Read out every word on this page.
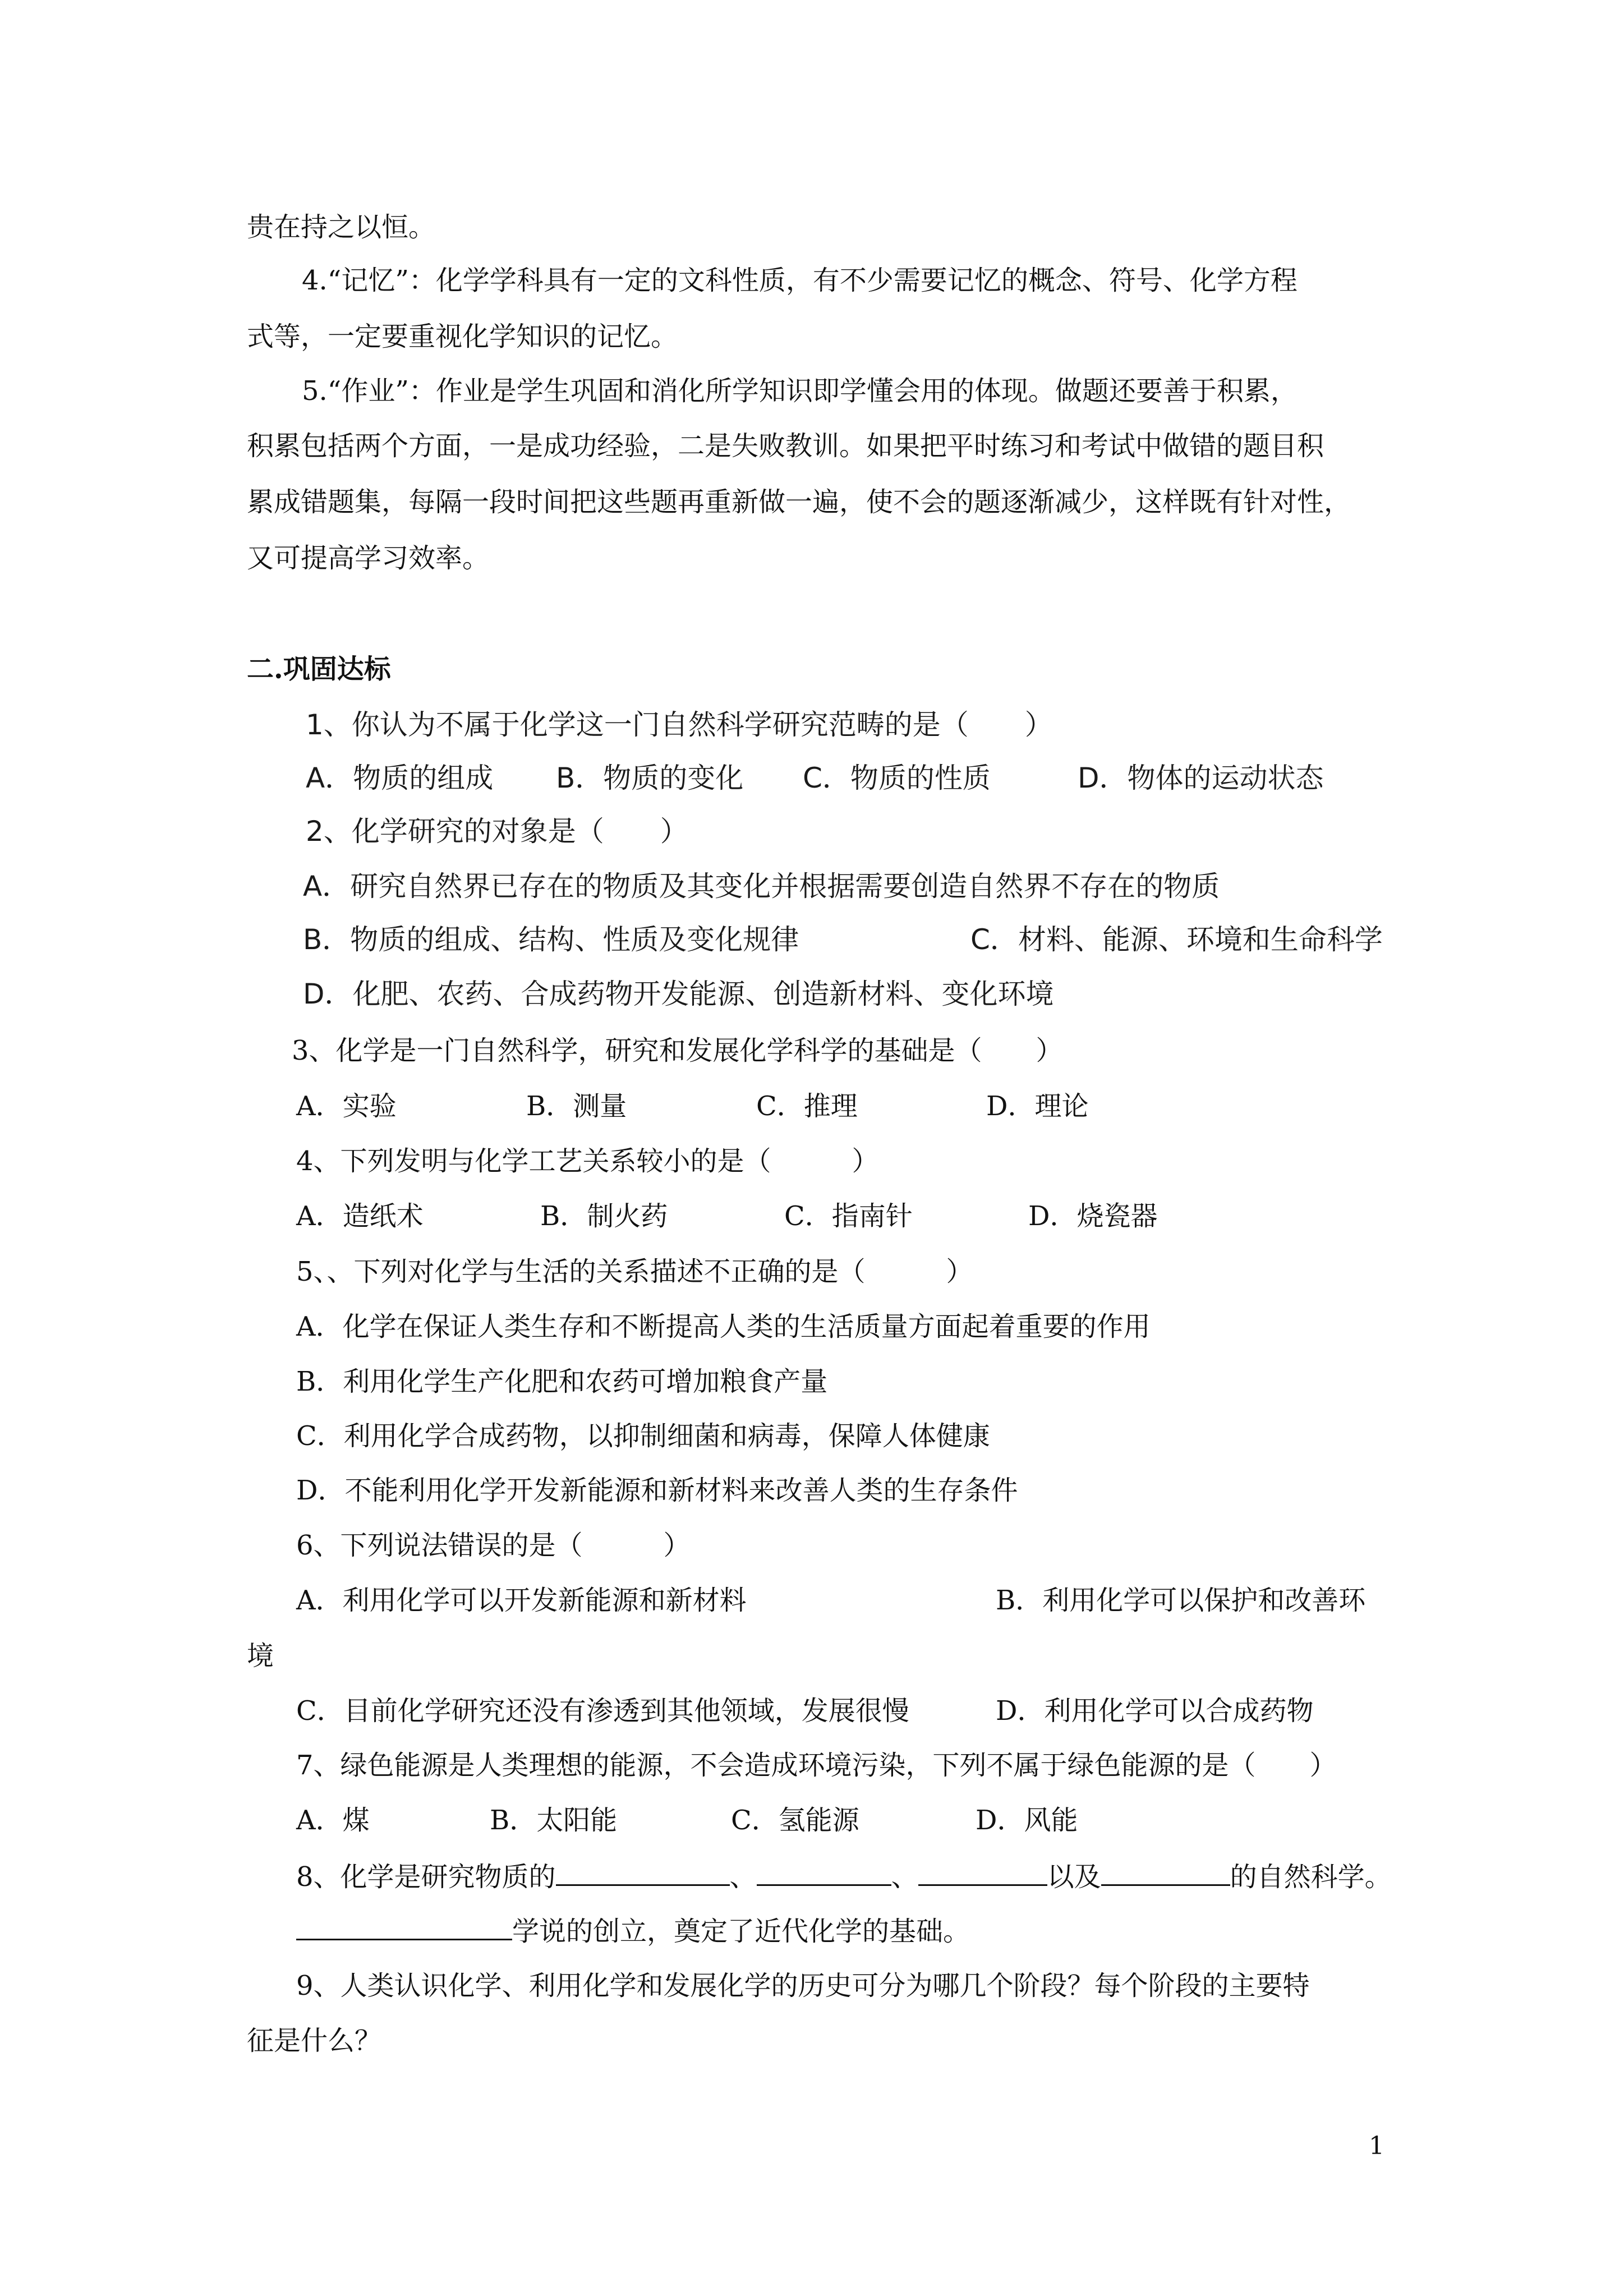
贵在持之以恒。
4.“记忆”：化学学科具有一定的文科性质，有不少需要记忆的概念、符号、化学方程
式等，一定要重视化学知识的记忆。
5.“作业”：作业是学生巩固和消化所学知识即学懂会用的体现。做题还要善于积累，
积累包括两个方面，一是成功经验，二是失败教训。如果把平时练习和考试中做错的题目积
累成错题集，每隔一段时间把这些题再重新做一遍，使不会的题逐渐减少，这样既有针对性，
又可提高学习效率。
二.巩固达标
1、你认为不属于化学这一门自然科学研究范畴的是（　　）
A．物质的组成 B．物质的变化 C．物质的性质	D．物体的运动状态
2、化学研究的对象是（　　）
A．研究自然界已存在的物质及其变化并根据需要创造自然界不存在的物质
B．物质的组成、结构、性质及变化规律	C．材料、能源、环境和生命科学
D．化肥、农药、合成药物开发能源、创造新材料、变化环境
3、化学是一门自然科学，研究和发展化学科学的基础是（　　）
A．实验	B．测量	C．推理	D．理论
4、下列发明与化学工艺关系较小的是（　　　）
A．造纸术	B．制火药	C．指南针	D．烧瓷器
5、、下列对化学与生活的关系描述不正确的是（　　　）
A．化学在保证人类生存和不断提高人类的生活质量方面起着重要的作用
B．利用化学生产化肥和农药可增加粮食产量
C．利用化学合成药物，以抑制细菌和病毒，保障人体健康
D．不能利用化学开发新能源和新材料来改善人类的生存条件
6、下列说法错误的是（　　　）
A．利用化学可以开发新能源和新材料	B．利用化学可以保护和改善环
境
C．目前化学研究还没有渗透到其他领域，发展很慢	D．利用化学可以合成药物
7、绿色能源是人类理想的能源，不会造成环境污染，下列不属于绿色能源的是（　　）
A．煤	B．太阳能	C．氢能源	D．风能
8、化学是研究物质的	、	、	以及	的自然科学。
学说的创立，奠定了近代化学的基础。
9、人类认识化学、利用化学和发展化学的历史可分为哪几个阶段？每个阶段的主要特
征是什么？
1
